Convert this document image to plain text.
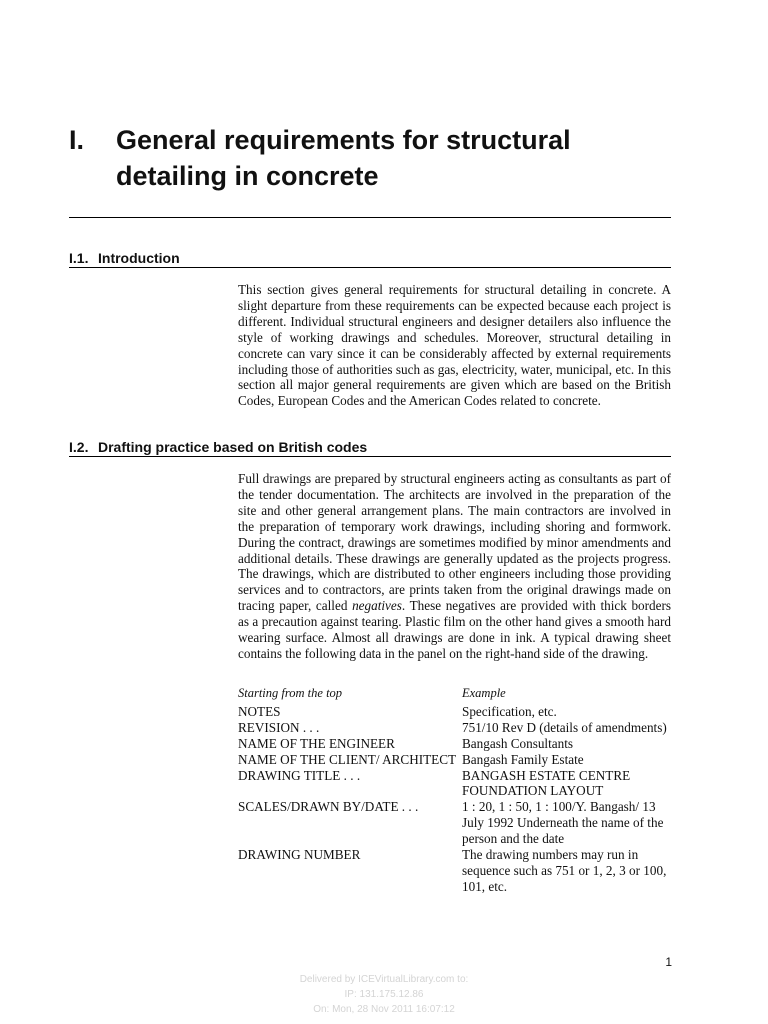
I. General requirements for structural detailing in concrete
I.1. Introduction

This section gives general requirements for structural detailing in concrete. A slight departure from these requirements can be expected because each project is different. Individual structural engineers and designer detailers also influence the style of working drawings and schedules. Moreover, structural detailing in concrete can vary since it can be considerably affected by external requirements including those of authorities such as gas, electricity, water, municipal, etc. In this section all major general requirements are given which are based on the British Codes, European Codes and the American Codes related to concrete.

I.2. Drafting practice based on British codes

Full drawings are prepared by structural engineers acting as consultants as part of the tender documentation. The architects are involved in the preparation of the site and other general arrangement plans. The main contractors are involved in the preparation of temporary work drawings, including shoring and formwork. During the contract, drawings are sometimes modified by minor amendments and additional details. These drawings are generally updated as the projects progress. The drawings, which are distributed to other engineers including those providing services and to contractors, are prints taken from the original drawings made on tracing paper, called negatives. These negatives are provided with thick borders as a precaution against tearing. Plastic film on the other hand gives a smooth hard wearing surface. Almost all drawings are done in ink. A typical drawing sheet contains the following data in the panel on the right-hand side of the drawing.

Starting from the top	Example
NOTES	Specification, etc.
REVISION . . .	751/10 Rev D (details of amendments)
NAME OF THE ENGINEER	Bangash Consultants
NAME OF THE CLIENT/ ARCHITECT Bangash Family Estate
DRAWING TITLE . . .	BANGASH ESTATE CENTRE FOUNDATION LAYOUT
SCALES/DRAWN BY/DATE . . .	1 : 20, 1 : 50, 1 : 100/Y. Bangash/ 13 July 1992 Underneath the name of the person and the date
DRAWING NUMBER	The drawing numbers may run in sequence such as 751 or 1, 2, 3 or 100, 101, etc.
1
Delivered by ICEVirtualLibrary.com to:
IP: 131.175.12.86
On: Mon, 28 Nov 2011 16:07:12
